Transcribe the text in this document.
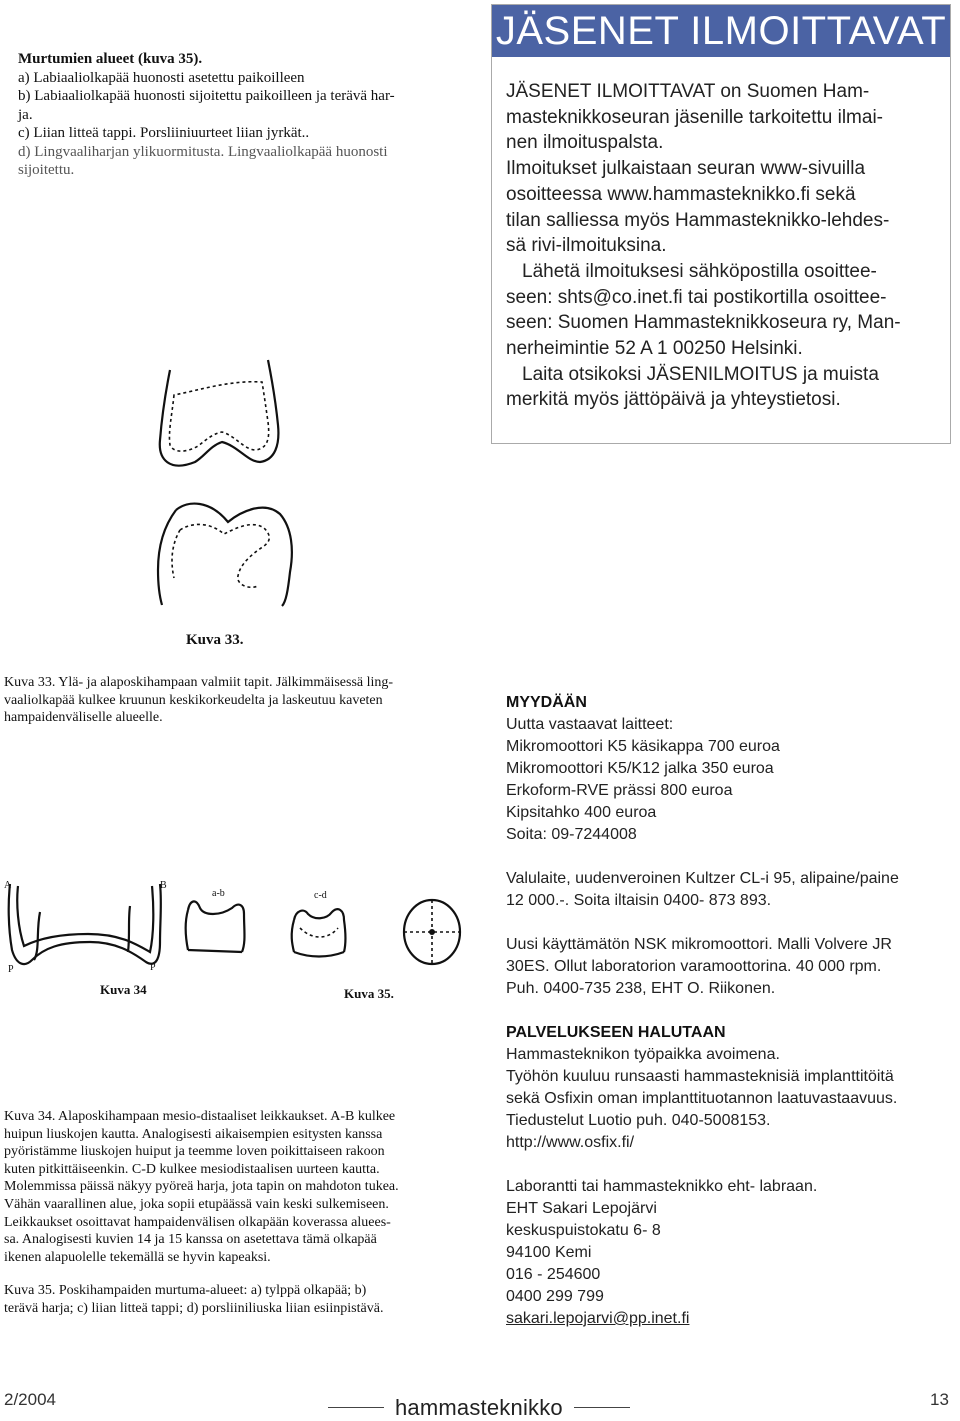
Murtumien alueet (kuva 35).
a) Labiaaliolkapää huonosti asetettu paikoilleen
b) Labiaaliolkapää huonosti sijoitettu paikoilleen ja terävä har-
ja.
c) Liian litteä tappi. Porsliiniuurteet liian jyrkät..
d) Lingvaaliharjan ylikuormitusta. Lingvaaliolkapää huonosti
sijoitettu.
JÄSENET ILMOITTAVAT
JÄSENET ILMOITTAVAT on Suomen Ham-
masteknikkoseuran jäsenille tarkoitettu ilmai-
nen ilmoituspalsta.
Ilmoitukset julkaistaan seuran www-sivuilla
osoitteessa www.hammasteknikko.fi sekä
tilan salliessa myös Hammasteknikko-lehdes-
sä rivi-ilmoituksina.
Lähetä ilmoituksesi sähköpostilla osoittee-
seen: shts@co.inet.fi tai postikortilla osoittee-
seen: Suomen Hammasteknikkoseura ry, Man-
nerheimintie 52 A 1 00250 Helsinki.
Laita otsikoksi JÄSENILMOITUS ja muista
merkitä myös jättöpäivä ja yhteystietosi.
Kuva 33.
Kuva 33. Ylä- ja alaposkihampaan valmiit tapit. Jälkimmäisessä ling-
vaaliolkapää kulkee kruunun keskikorkeudelta ja laskeutuu kaveten
hampaidenväliselle alueelle.
P	P
A	B
Kuva 34
a-b	c-d
Kuva 35.
Kuva 34. Alaposkihampaan mesio-distaaliset leikkaukset. A-B kulkee
huipun liuskojen kautta. Analogisesti aikaisempien esitysten kanssa
pyöristämme liuskojen huiput ja teemme loven poikittaiseen rakoon
kuten pitkittäiseenkin. C-D kulkee mesiodistaalisen uurteen kautta.
Molemmissa päissä näkyy pyöreä harja, jota tapin on mahdoton tukea.
Vähän vaarallinen alue, joka sopii etupäässä vain keski sulkemiseen.
Leikkaukset osoittavat hampaidenvälisen olkapään koverassa aluees-
sa. Analogisesti kuvien 14 ja 15 kanssa on asetettava tämä olkapää
ikenen alapuolelle tekemällä se hyvin kapeaksi.
Kuva 35. Poskihampaiden murtuma-alueet: a) tylppä olkapää; b)
terävä harja; c) liian litteä tappi; d) porsliiniliuska liian esiinpistävä.
MYYDÄÄN
Uutta vastaavat laitteet:
Mikromoottori K5 käsikappa 700 euroa
Mikromoottori K5/K12 jalka 350 euroa
Erkoform-RVE prässi 800 euroa
Kipsitahko 400 euroa
Soita: 09-7244008
Valulaite, uudenveroinen Kultzer CL-i 95, alipaine/paine
12 000.-. Soita iltaisin 0400- 873 893.
Uusi käyttämätön NSK mikromoottori. Malli Volvere JR
30ES. Ollut laboratorion varamoottorina. 40 000 rpm.
Puh. 0400-735 238, EHT O. Riikonen.
PALVELUKSEEN HALUTAAN
Hammasteknikon työpaikka avoimena.
Työhön kuuluu runsaasti hammasteknisiä implanttitöitä
sekä Osfixin oman implanttituotannon laatuvastaavuus.
Tiedustelut Luotio puh. 040-5008153.
http://www.osfix.fi/
Laborantti tai hammasteknikko eht- labraan.
EHT Sakari Lepojärvi
keskuspuistokatu 6- 8
94100 Kemi
016 - 254600
0400 299 799
sakari.lepojarvi@pp.inet.fi
2/2004	hammasteknikko	13
